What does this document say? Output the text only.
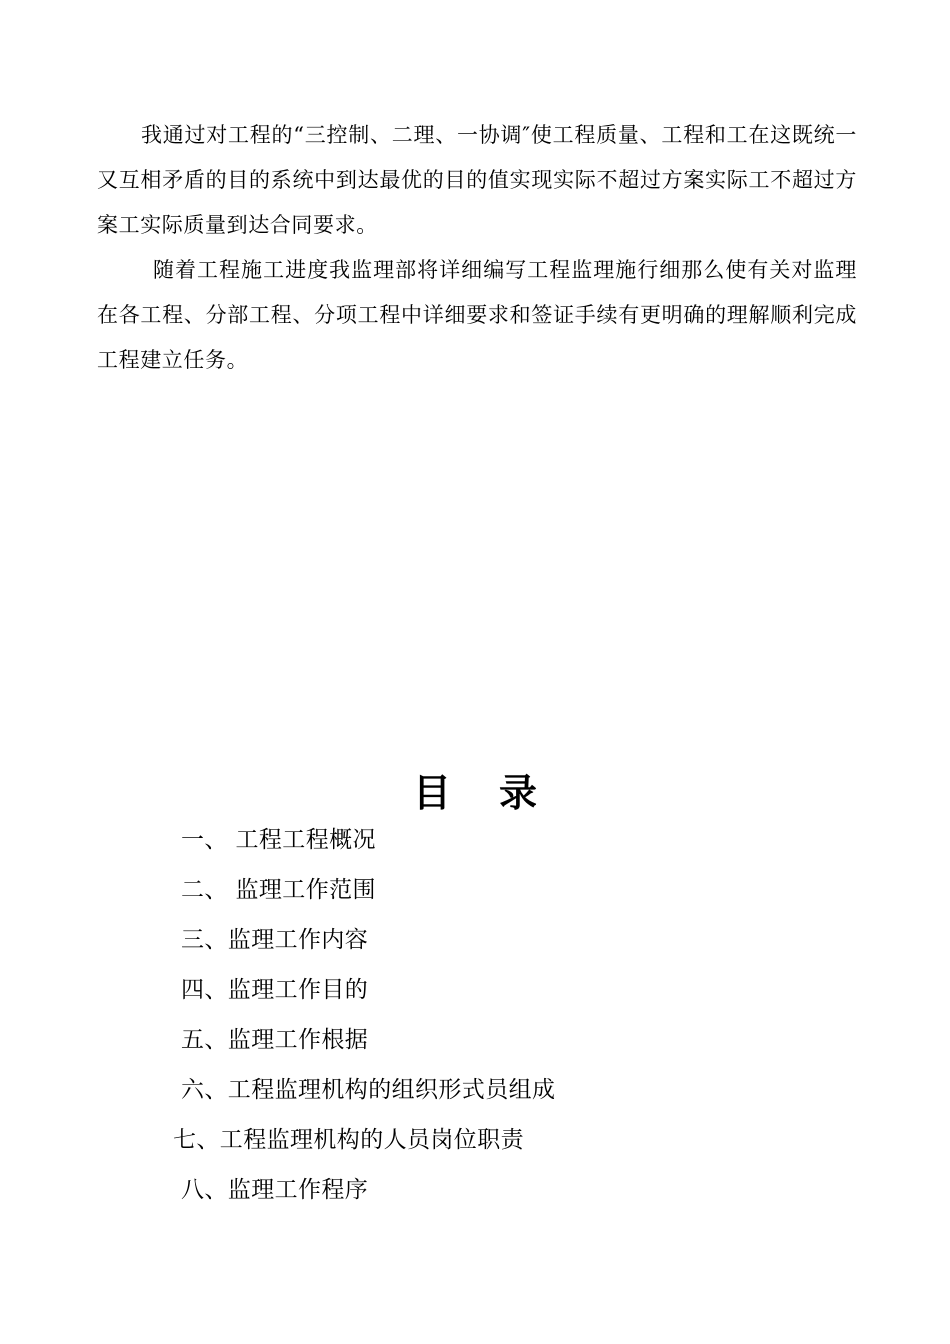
我通过对工程的“三控制、二理、一协调″使工程质量、工程和工在这既统一又互相矛盾的目的系统中到达最优的目的值实现实际不超过方案实际工不超过方案工实际质量到达合同要求。

随着工程施工进度我监理部将详细编写工程监理施行细那么使有关对监理在各工程、分部工程、分项工程中详细要求和签证手续有更明确的理解顺利完成工程建立任务。

目录
一、 工程工程概况
二、 监理工作范围
三、监理工作内容
四、监理工作目的
五、监理工作根据
六、工程监理机构的组织形式员组成
七、工程监理机构的人员岗位职责
八、监理工作程序
